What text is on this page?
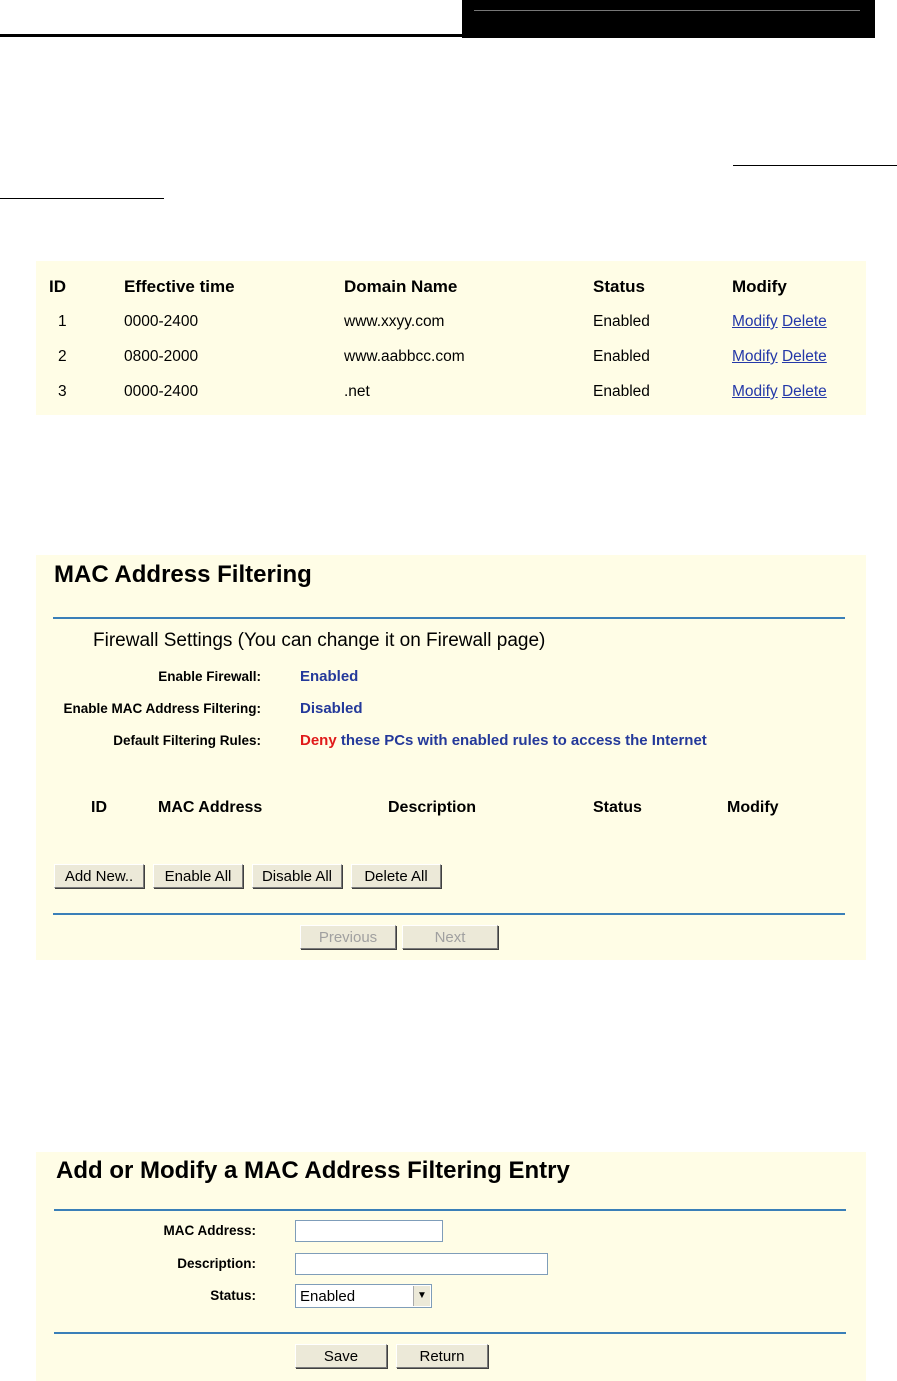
ID	Effective time	Domain Name	Status	Modify
1	0000-2400	www.xxyy.com	Enabled	Modify Delete
2	0800-2000	www.aabbcc.com	Enabled	Modify Delete
3	0000-2400	.net	Enabled	Modify Delete
MAC Address Filtering
Firewall Settings (You can change it on Firewall page)
Enable Firewall:	Enabled
Enable MAC Address Filtering:	Disabled
Default Filtering Rules:	Deny these PCs with enabled rules to access the Internet
ID	MAC Address	Description	Status	Modify
Add New..	Enable All	Disable All	Delete All
Previous	Next
Add or Modify a MAC Address Filtering Entry
MAC Address:
Description:
Status:	Enabled	▼
Save	Return
